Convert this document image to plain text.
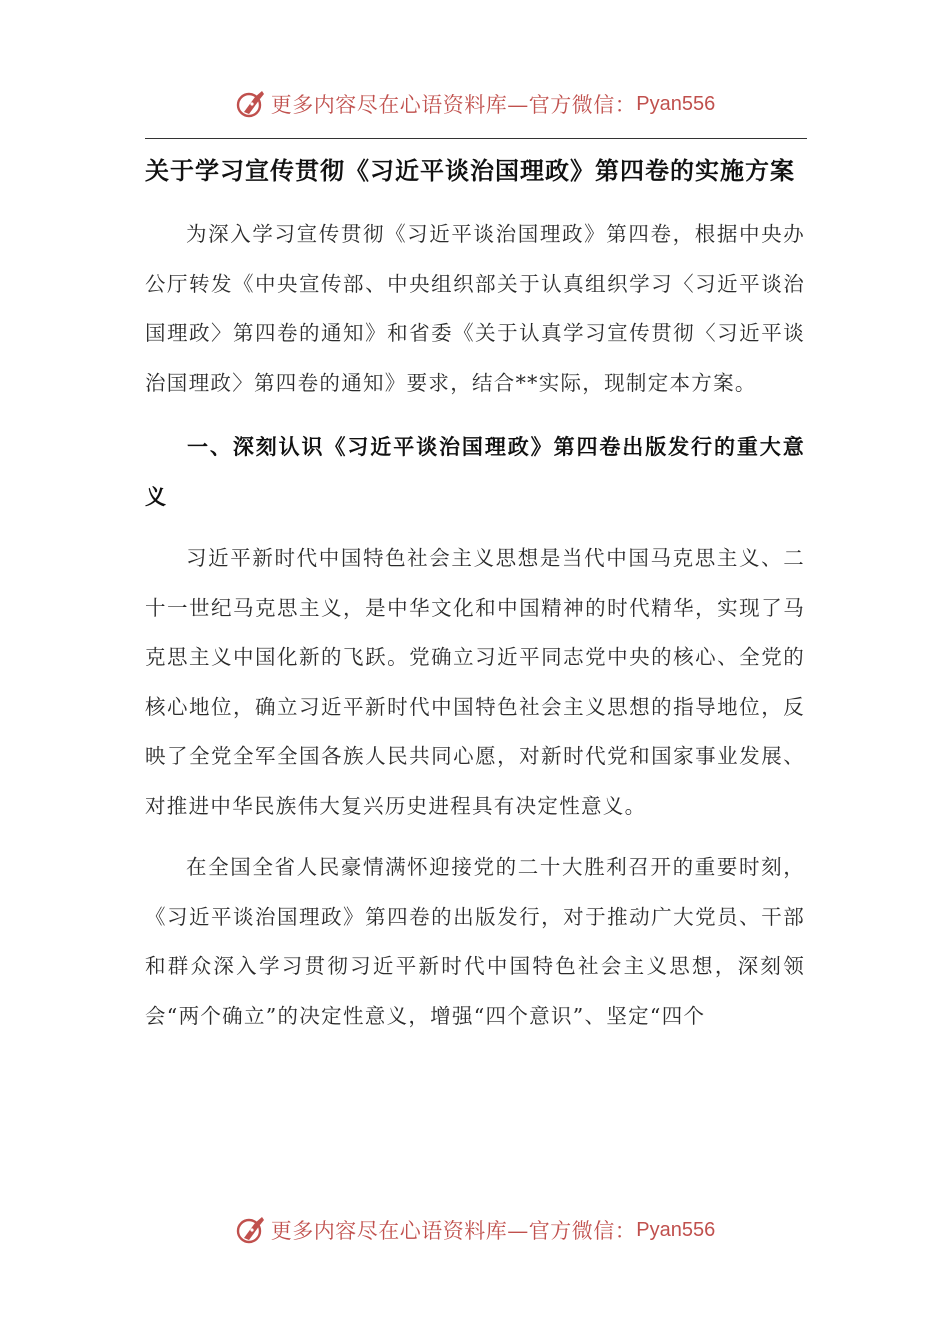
更多内容尽在心语资料库—官方微信： Pyan556

关于学习宣传贯彻《习近平谈治国理政》第四卷的实施方案

为深入学习宣传贯彻《习近平谈治国理政》第四卷，根据中央办公厅转发《中央宣传部、中央组织部关于认真组织学习〈习近平谈治国理政〉第四卷的通知》和省委《关于认真学习宣传贯彻〈习近平谈治国理政〉第四卷的通知》要求，结合**实际，现制定本方案。

一、深刻认识《习近平谈治国理政》第四卷出版发行的重大意义

习近平新时代中国特色社会主义思想是当代中国马克思主义、二十一世纪马克思主义，是中华文化和中国精神的时代精华，实现了马克思主义中国化新的飞跃。党确立习近平同志党中央的核心、全党的核心地位，确立习近平新时代中国特色社会主义思想的指导地位，反映了全党全军全国各族人民共同心愿，对新时代党和国家事业发展、对推进中华民族伟大复兴历史进程具有决定性意义。

在全国全省人民豪情满怀迎接党的二十大胜利召开的重要时刻，《习近平谈治国理政》第四卷的出版发行，对于推动广大党员、干部和群众深入学习贯彻习近平新时代中国特色社会主义思想，深刻领会“两个确立”的决定性意义，增强“四个意识”、坚定“四个

更多内容尽在心语资料库—官方微信： Pyan556
